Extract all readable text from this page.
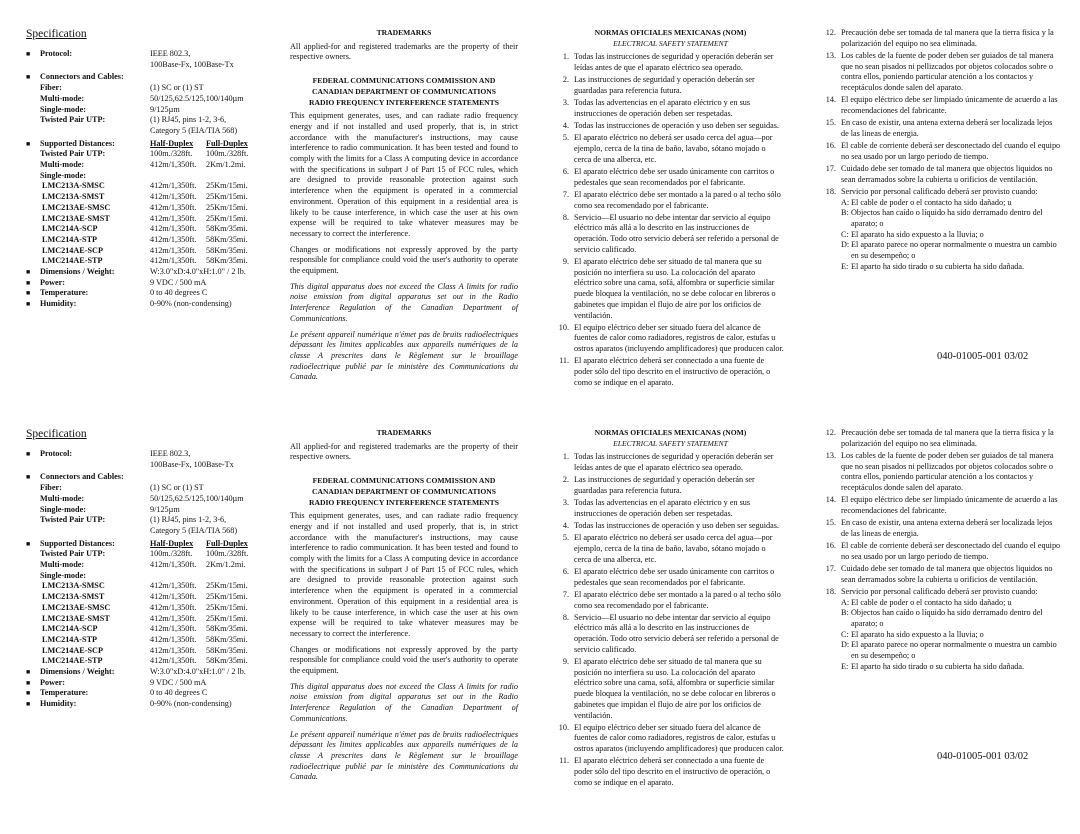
Specification
■ Protocol:	IEEE 802.3,
100Base-Fx, 100Base-Tx
■ Connectors and Cables:
Fiber:	(1) SC or (1) ST
Multi-mode:	50/125,62.5/125,100/140µm
Single-mode:	9/125µm
Twisted Pair UTP:	(1) RJ45, pins 1-2, 3-6,
Category 5 (EIA/TIA 568)
■ Supported Distances:	Half-Duplex Full-Duplex
Twisted Pair UTP:	100m./328ft. 100m./328ft.
Multi-mode:	412m/1,350ft. 2Km/1.2mi.
Single-mode:
LMC213A-SMSC	412m/1,350ft. 25Km/15mi.
LMC213A-SMST	412m/1,350ft. 25Km/15mi.
LMC213AE-SMSC	412m/1,350ft. 25Km/15mi.
LMC213AE-SMST	412m/1,350ft. 25Km/15mi.
LMC214A-SCP	412m/1,350ft. 58Km/35mi.
LMC214A-STP	412m/1,350ft. 58Km/35mi.
LMC214AE-SCP	412m/1,350ft. 58Km/35mi.
LMC214AE-STP	412m/1,350ft. 58Km/35mi.
■ Dimensions / Weight:	W:3.0"xD:4.0"xH:1.0" / 2 lb.
■ Power:	9 VDC / 500 mA
■ Temperature:	0 to 40 degrees C
■ Humidity:	0-90% (non-condensing)
TRADEMARKS

All applied-for and registered trademarks are the property of their respective owners.

FEDERAL COMMUNICATIONS COMMISSION AND
CANADIAN DEPARTMENT OF COMMUNICATIONS
RADIO FREQUENCY INTERFERENCE STATEMENTS

This equipment generates, uses, and can radiate radio frequency energy and if not installed and used properly, that is, in strict accordance with the manufacturer's instructions, may cause interference to radio communication. It has been tested and found to comply with the limits for a Class A computing device in accordance with the specifications in subpart J of Part 15 of FCC rules, which are designed to provide reasonable protection against such interference when the equipment is operated in a commercial environment. Operation of this equipment in a residential area is likely to be cause interference, in which case the user at his own expense will be required to take whatever measures may be necessary to correct the interference.

Changes or modifications not expressly approved by the party responsible for compliance could void the user's authority to operate the equipment.

This digital apparatus does not exceed the Class A limits for radio noise emission from digital apparatus set out in the Radio Interference Regulation of the Canadian Department of Communications.

Le présent appareil numérique n'émet pas de bruits radioélectriques dépassant les limites applicables aux appareils numériques de la classe A prescrites dans le Règlement sur le brouillage radioélectrique publié par le ministère des Communications du Canada.

NORMAS OFICIALES MEXICANAS (NOM)
ELECTRICAL SAFETY STATEMENT
1. Todas las instrucciones de seguridad y operación deberán ser leídas antes de que el aparato eléctrico sea operado.
2. Las instrucciones de seguridad y operación deberán ser guardadas para referencia futura.
3. Todas las advertencias en el aparato eléctrico y en sus instrucciones de operación deben ser respetadas.
4. Todas las instrucciones de operación y uso deben ser seguidas.
5. El aparato eléctrico no deberá ser usado cerca del agua—por ejemplo, cerca de la tina de baño, lavabo, sótano mojado o cerca de una alberca, etc.
6. El aparato eléctrico debe ser usado únicamente con carritos o pedestales que sean recomendados por el fabricante.
7. El aparato eléctrico debe ser montado a la pared o al techo sólo como sea recomendado por el fabricante.
8. Servicio—El usuario no debe intentar dar servicio al equipo eléctrico más allá a lo descrito en las instrucciones de operación. Todo otro servicio deberá ser referido a personal de servicio calificado.
9. El aparato eléctrico debe ser situado de tal manera que su posición no interfiera su uso. La colocación del aparato eléctrico sobre una cama, sofá, alfombra or superficie similar puede bloquea la ventilación, no se debe colocar en libreros o gabinetes que impidan el flujo de aire por los orificios de ventilación.
10. El equipo eléctrico deber ser situado fuera del alcance de fuentes de calor como radiadores, registros de calor, estufas u ostros aparatos (incluyendo amplificadores) que producen calor.
11. El aparato eléctrico deberá ser connectado a una fuente de poder sólo del tipo descrito en el instructivo de operación, o como se indique en el aparato.
12. Precaución debe ser tomada de tal manera que la tierra fisica y la polarización del equipo no sea eliminada.
13. Los cables de la fuente de poder deben ser guiados de tal manera que no sean pisados ni pellizcados por objetos colocados sobre o contra ellos, poniendo particular atención a los contactos y receptáculos donde salen del aparato.
14. El equipo eléctrico debe ser limpiado únicamente de acuerdo a las recomendaciones del fabricante.
15. En caso de existir, una antena externa deberá ser localizada lejos de las lineas de energia.
16. El cable de corriente deberá ser desconectado del cuando el equipo no sea usado por un largo periodo de tiempo.
17. Cuidado debe ser tomado de tal manera que objectos liquidos no sean derramados sobre la cubierta u orificios de ventilación.
18. Servicio por personal calificado deberá ser provisto cuando:
A: El cable de poder o el contacto ha sido dañado; u
B: Objectos han caído o líquido ha sido derramado dentro del aparato; o
C: El aparato ha sido expuesto a la lluvia; o
D: El aparato parece no operar normalmente o muestra un cambio en su desempeño; o
E: El aparto ha sido tirado o su cubierta ha sido dañada.
040-01005-001 03/02
Specification
■ Protocol:	IEEE 802.3,
100Base-Fx, 100Base-Tx
■ Connectors and Cables:
Fiber:	(1) SC or (1) ST
Multi-mode:	50/125,62.5/125,100/140µm
Single-mode:	9/125µm
Twisted Pair UTP:	(1) RJ45, pins 1-2, 3-6,
Category 5 (EIA/TIA 568)
■ Supported Distances:	Half-Duplex Full-Duplex
Twisted Pair UTP:	100m./328ft. 100m./328ft.
Multi-mode:	412m/1,350ft. 2Km/1.2mi.
Single-mode:
LMC213A-SMSC	412m/1,350ft. 25Km/15mi.
LMC213A-SMST	412m/1,350ft. 25Km/15mi.
LMC213AE-SMSC	412m/1,350ft. 25Km/15mi.
LMC213AE-SMST	412m/1,350ft. 25Km/15mi.
LMC214A-SCP	412m/1,350ft. 58Km/35mi.
LMC214A-STP	412m/1,350ft. 58Km/35mi.
LMC214AE-SCP	412m/1,350ft. 58Km/35mi.
LMC214AE-STP	412m/1,350ft. 58Km/35mi.
■ Dimensions / Weight:	W:3.0"xD:4.0"xH:1.0" / 2 lb.
■ Power:	9 VDC / 500 mA
■ Temperature:	0 to 40 degrees C
■ Humidity:	0-90% (non-condensing)
TRADEMARKS

All applied-for and registered trademarks are the property of their respective owners.

FEDERAL COMMUNICATIONS COMMISSION AND
CANADIAN DEPARTMENT OF COMMUNICATIONS
RADIO FREQUENCY INTERFERENCE STATEMENTS

This equipment generates, uses, and can radiate radio frequency energy and if not installed and used properly, that is, in strict accordance with the manufacturer's instructions, may cause interference to radio communication. It has been tested and found to comply with the limits for a Class A computing device in accordance with the specifications in subpart J of Part 15 of FCC rules, which are designed to provide reasonable protection against such interference when the equipment is operated in a commercial environment. Operation of this equipment in a residential area is likely to be cause interference, in which case the user at his own expense will be required to take whatever measures may be necessary to correct the interference.

Changes or modifications not expressly approved by the party responsible for compliance could void the user's authority to operate the equipment.

This digital apparatus does not exceed the Class A limits for radio noise emission from digital apparatus set out in the Radio Interference Regulation of the Canadian Department of Communications.

Le présent appareil numérique n'émet pas de bruits radioélectriques dépassant les limites applicables aux appareils numériques de la classe A prescrites dans le Règlement sur le brouillage radioélectrique publié par le ministère des Communications du Canada.

NORMAS OFICIALES MEXICANAS (NOM)
ELECTRICAL SAFETY STATEMENT
1. Todas las instrucciones de seguridad y operación deberán ser leídas antes de que el aparato eléctrico sea operado.
2. Las instrucciones de seguridad y operación deberán ser guardadas para referencia futura.
3. Todas las advertencias en el aparato eléctrico y en sus instrucciones de operación deben ser respetadas.
4. Todas las instrucciones de operación y uso deben ser seguidas.
5. El aparato eléctrico no deberá ser usado cerca del agua—por ejemplo, cerca de la tina de baño, lavabo, sótano mojado o cerca de una alberca, etc.
6. El aparato eléctrico debe ser usado únicamente con carritos o pedestales que sean recomendados por el fabricante.
7. El aparato eléctrico debe ser montado a la pared o al techo sólo como sea recomendado por el fabricante.
8. Servicio—El usuario no debe intentar dar servicio al equipo eléctrico más allá a lo descrito en las instrucciones de operación. Todo otro servicio deberá ser referido a personal de servicio calificado.
9. El aparato eléctrico debe ser situado de tal manera que su posición no interfiera su uso. La colocación del aparato eléctrico sobre una cama, sofá, alfombra or superficie similar puede bloquea la ventilación, no se debe colocar en libreros o gabinetes que impidan el flujo de aire por los orificios de ventilación.
10. El equipo eléctrico deber ser situado fuera del alcance de fuentes de calor como radiadores, registros de calor, estufas u ostros aparatos (incluyendo amplificadores) que producen calor.
11. El aparato eléctrico deberá ser connectado a una fuente de poder sólo del tipo descrito en el instructivo de operación, o como se indique en el aparato.
12. Precaución debe ser tomada de tal manera que la tierra fisica y la polarización del equipo no sea eliminada.
13. Los cables de la fuente de poder deben ser guiados de tal manera que no sean pisados ni pellizcados por objetos colocados sobre o contra ellos, poniendo particular atención a los contactos y receptáculos donde salen del aparato.
14. El equipo eléctrico debe ser limpiado únicamente de acuerdo a las recomendaciones del fabricante.
15. En caso de existir, una antena externa deberá ser localizada lejos de las lineas de energia.
16. El cable de corriente deberá ser desconectado del cuando el equipo no sea usado por un largo periodo de tiempo.
17. Cuidado debe ser tomado de tal manera que objectos liquidos no sean derramados sobre la cubierta u orificios de ventilación.
18. Servicio por personal calificado deberá ser provisto cuando:
A: El cable de poder o el contacto ha sido dañado; u
B: Objectos han caído o líquido ha sido derramado dentro del aparato; o
C: El aparato ha sido expuesto a la lluvia; o
D: El aparato parece no operar normalmente o muestra un cambio en su desempeño; o
E: El aparto ha sido tirado o su cubierta ha sido dañada.
040-01005-001 03/02
